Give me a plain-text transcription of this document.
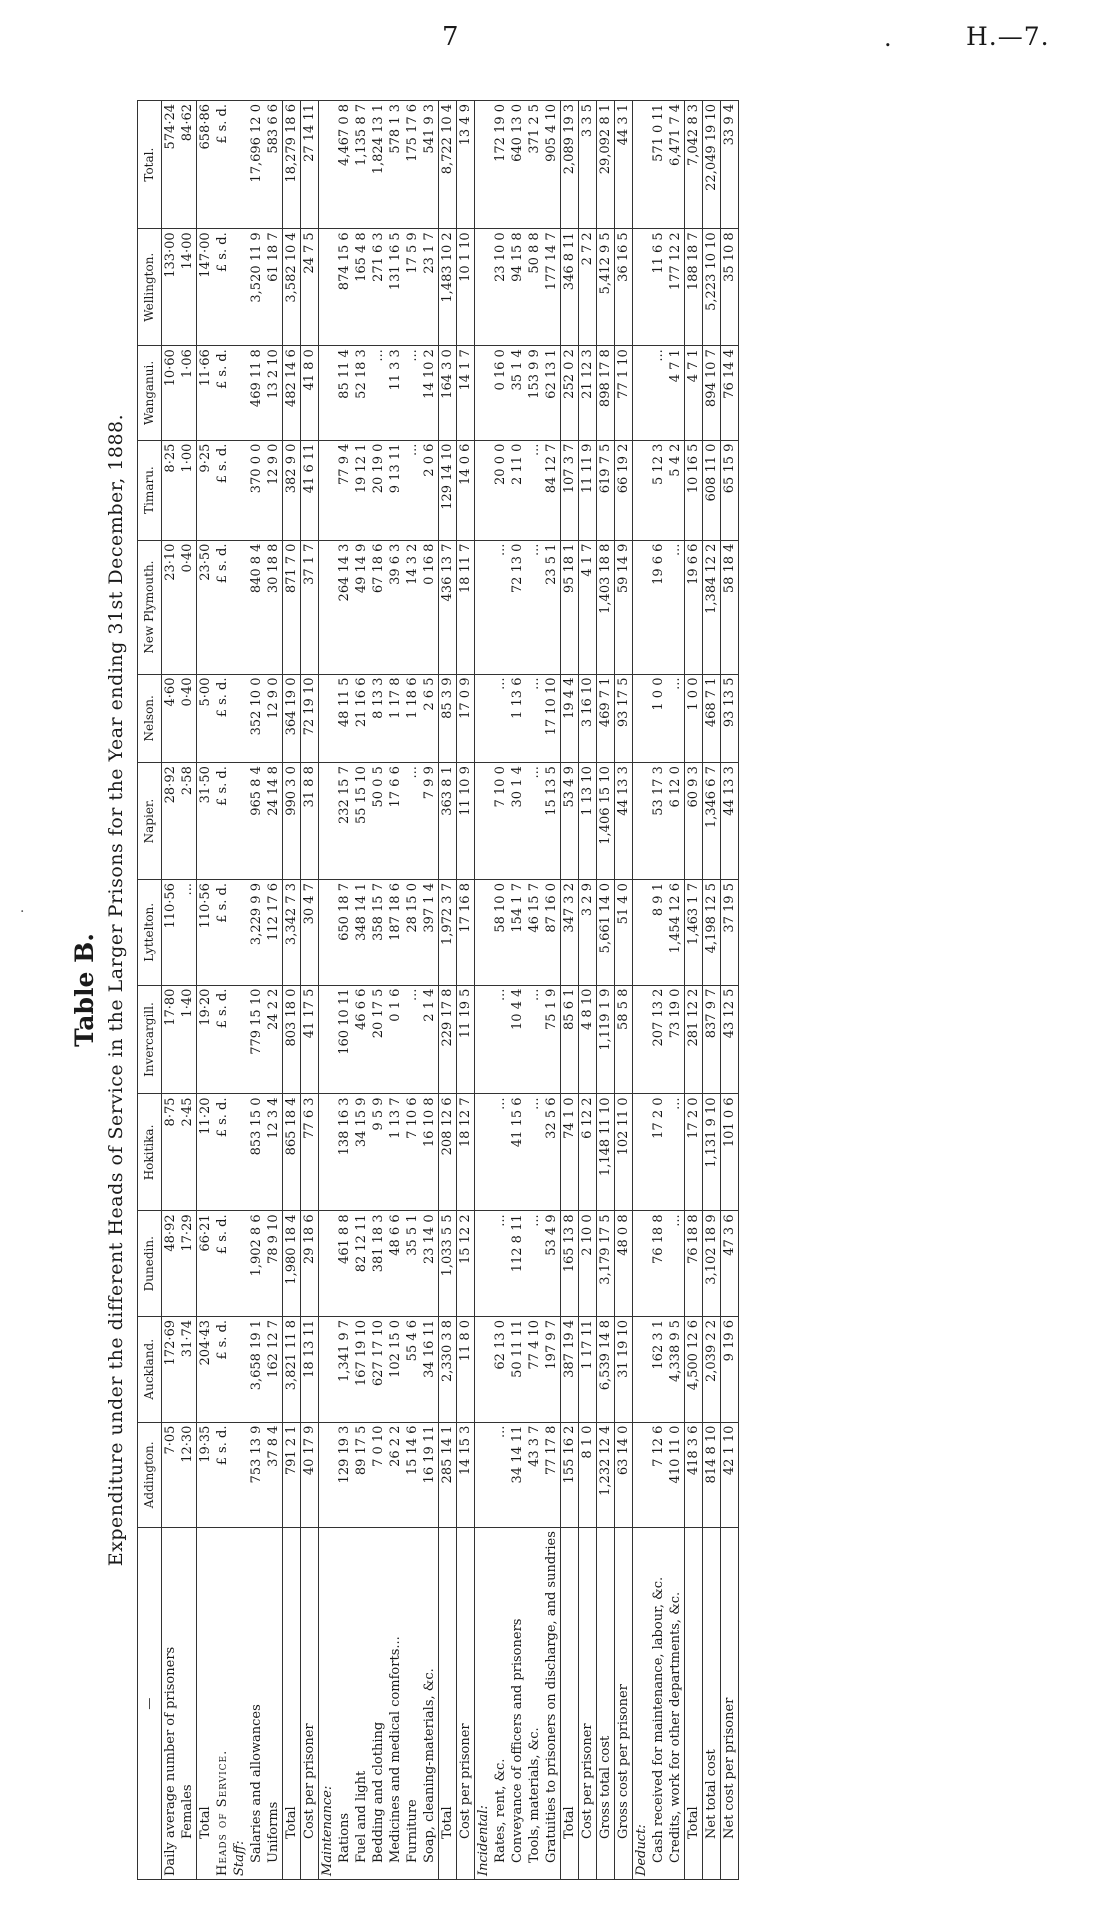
7	.	H.—7.
·
Table B. Expenditure under the different Heads of Service in the Larger Prisons for the Year ending 31st December, 1888.
—	Addington.	Auckland.	Dunedin.	Hokitika.	Invercargill.	Lyttelton.	Napier.	Nelson.	New Plymouth.	Timaru.	Wanganui.	Wellington.	Total.
Daily average number of prisoners	7·05	172·69	48·92	8·75	17·80	110·56	28·92	4·60	23·10	8·25	10·60	133·00	574·24
Females	12·30	31·74	17·29	2·45	1·40	...	2·58	0·40	0·40	1·00	1·06	14·00	84·62
Total	19·35	204·43	66·21	11·20	19·20	110·56	31·50	5·00	23·50	9·25	11·66	147·00	658·86
Heads of Service.	£ s. d.	£ s. d.	£ s. d.	£ s. d.	£ s. d.	£ s. d.	£ s. d.	£ s. d.	£ s. d.	£ s. d.	£ s. d.	£ s. d.	£ s. d.
Staff:													
Salaries and allowances	753 13 9	3,658 19 1	1,902 8 6	853 15 0	779 15 10	3,229 9 9	965 8 4	352 10 0	840 8 4	370 0 0	469 11 8	3,520 11 9	17,696 12 0
Uniforms	37 8 4	162 12 7	78 9 10	12 3 4	24 2 2	112 17 6	24 14 8	12 9 0	30 18 8	12 9 0	13 2 10	61 18 7	583 6 6
Total	791 2 1	3,821 11 8	1,980 18 4	865 18 4	803 18 0	3,342 7 3	990 3 0	364 19 0	871 7 0	382 9 0	482 14 6	3,582 10 4	18,279 18 6
Cost per prisoner	40 17 9	18 13 11	29 18 6	77 6 3	41 17 5	30 4 7	31 8 8	72 19 10	37 1 7	41 6 11	41 8 0	24 7 5	27 14 11
Maintenance:													
Rations	129 19 3	1,341 9 7	461 8 8	138 16 3	160 10 11	650 18 7	232 15 7	48 11 5	264 14 3	77 9 4	85 11 4	874 15 6	4,467 0 8
Fuel and light	89 17 5	167 19 10	82 12 11	34 15 9	46 6 6	348 14 1	55 15 10	21 16 6	49 14 9	19 12 1	52 18 3	165 4 8	1,135 8 7
Bedding and clothing	7 0 10	627 17 10	381 18 3	9 5 9	20 17 5	358 15 7	50 0 5	8 13 3	67 18 6	20 19 0	...	271 6 3	1,824 13 1
Medicines and medical comforts...	26 2 2	102 15 0	48 6 6	1 13 7	0 1 6	187 18 6	17 6 6	1 17 8	39 6 3	9 13 11	11 3 3	131 16 5	578 1 3
Furniture	15 14 6	55 4 6	35 5 1	7 10 6	...	28 15 0	...	1 18 6	14 3 2	...	...	17 5 9	175 17 6
Soap, cleaning-materials, &c.	16 19 11	34 16 11	23 14 0	16 10 8	2 1 4	397 1 4	7 9 9	2 6 5	0 16 8	2 0 6	14 10 2	23 1 7	541 9 3
Total	285 14 1	2,330 3 8	1,033 5 5	208 12 6	229 17 8	1,972 3 7	363 8 1	85 3 9	436 13 7	129 14 10	164 3 0	1,483 10 2	8,722 10 4
Cost per prisoner	14 15 3	11 8 0	15 12 2	18 12 7	11 19 5	17 16 8	11 10 9	17 0 9	18 11 7	14 0 6	14 1 7	10 1 10	13 4 9
Incidental:													
Rates, rent, &c.	...	62 13 0	...	...	...	58 10 0	7 10 0	...	...	20 0 0	0 16 0	23 10 0	172 19 0
Conveyance of officers and prisoners	34 14 11	50 11 11	112 8 11	41 15 6	10 4 4	154 1 7	30 1 4	1 13 6	72 13 0	2 11 0	35 1 4	94 15 8	640 13 0
Tools, materials, &c.	43 3 7	77 4 10	...	...	...	46 15 7	...	...	...	...	153 9 9	50 8 8	371 2 5
Gratuities to prisoners on discharge, and sundries	77 17 8	197 9 7	53 4 9	32 5 6	75 1 9	87 16 0	15 13 5	17 10 10	23 5 1	84 12 7	62 13 1	177 14 7	905 4 10
Total	155 16 2	387 19 4	165 13 8	74 1 0	85 6 1	347 3 2	53 4 9	19 4 4	95 18 1	107 3 7	252 0 2	346 8 11	2,089 19 3
Cost per prisoner	8 1 0	1 17 11	2 10 0	6 12 2	4 8 10	3 2 9	1 13 10	3 16 10	4 1 7	11 11 9	21 12 3	2 7 2	3 3 5
Gross total cost	1,232 12 4	6,539 14 8	3,179 17 5	1,148 11 10	1,119 1 9	5,661 14 0	1,406 15 10	469 7 1	1,403 18 8	619 7 5	898 17 8	5,412 9 5	29,092 8 1
Gross cost per prisoner	63 14 0	31 19 10	48 0 8	102 11 0	58 5 8	51 4 0	44 13 3	93 17 5	59 14 9	66 19 2	77 1 10	36 16 5	44 3 1
Deduct:													
Cash received for maintenance, labour, &c.	7 12 6	162 3 1	76 18 8	17 2 0	207 13 2	8 9 1	53 17 3	1 0 0	19 6 6	5 12 3	...	11 6 5	571 0 11
Credits, work for other departments, &c.	410 11 0	4,338 9 5	...	...	73 19 0	1,454 12 6	6 12 0	...	...	5 4 2	4 7 1	177 12 2	6,471 7 4
Total	418 3 6	4,500 12 6	76 18 8	17 2 0	281 12 2	1,463 1 7	60 9 3	1 0 0	19 6 6	10 16 5	4 7 1	188 18 7	7,042 8 3
Net total cost	814 8 10	2,039 2 2	3,102 18 9	1,131 9 10	837 9 7	4,198 12 5	1,346 6 7	468 7 1	1,384 12 2	608 11 0	894 10 7	5,223 10 10	22,049 19 10
Net cost per prisoner	42 1 10	9 19 6	47 3 6	101 0 6	43 12 5	37 19 5	44 13 3	93 13 5	58 18 4	65 15 9	76 14 4	35 10 8	33 9 4
